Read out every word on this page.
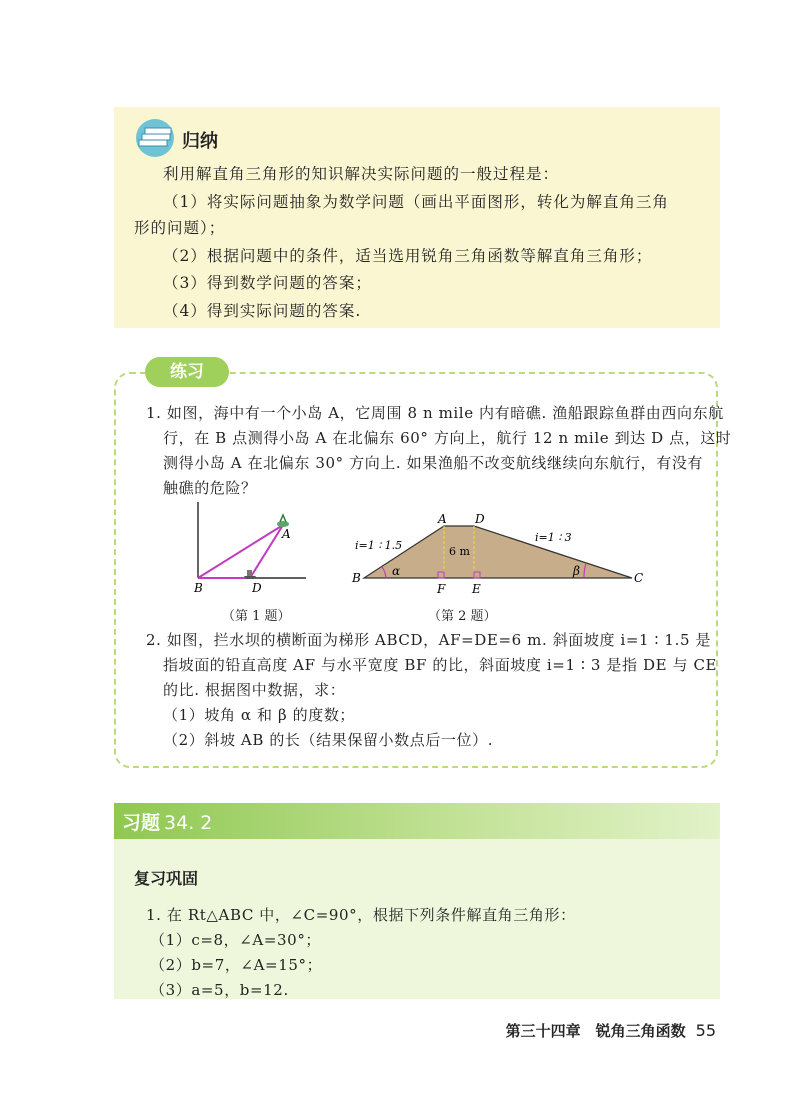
归纳
利用解直角三角形的知识解决实际问题的一般过程是：
（1）将实际问题抽象为数学问题（画出平面图形，转化为解直角三角
形的问题）；
（2）根据问题中的条件，适当选用锐角三角函数等解直角三角形；
（3）得到数学问题的答案；
（4）得到实际问题的答案.
练习
1. 如图，海中有一个小岛 A，它周围 8 n mile 内有暗礁. 渔船跟踪鱼群由西向东航
行，在 B 点测得小岛 A 在北偏东 60° 方向上，航行 12 n mile 到达 D 点，这时
测得小岛 A 在北偏东 30° 方向上. 如果渔船不改变航线继续向东航行，有没有
触礁的危险？
A
B	D
（第 1 题）
A D
B	C
F E
i=1 ∶ 1.5
i=1 ∶ 3
6 m
α	β
（第 2 题）
2. 如图，拦水坝的横断面为梯形 ABCD，AF=DE=6 m. 斜面坡度 i=1 ∶ 1.5 是
指坡面的铅直高度 AF 与水平宽度 BF 的比，斜面坡度 i=1 ∶ 3 是指 DE 与 CE
的比. 根据图中数据，求：
（1）坡角 α 和 β 的度数；
（2）斜坡 AB 的长（结果保留小数点后一位）.
习题 34. 2
复习巩固
1. 在 Rt△ABC 中，∠C=90°，根据下列条件解直角三角形：
（1）c=8，∠A=30°；
（2）b=7，∠A=15°；
（3）a=5，b=12.
第三十四章　锐角三角函数 55
